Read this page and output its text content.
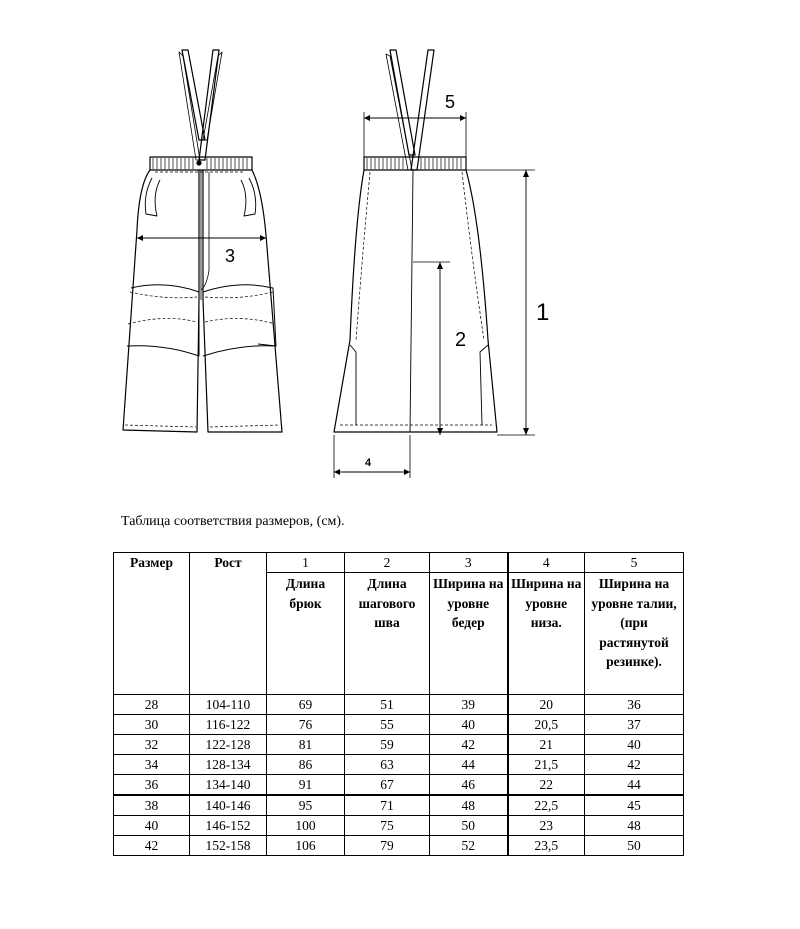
3
5
1
2
4
Таблица соответствия размеров, (см).
Размер	Рост	1	2	3	4	5
		Длина брюк	Длина шагового шва	Ширина на уровне бедер	Ширина на уровне низа.	Ширина на уровне талии, (при растянутой резинке).
28	104-110	69	51	39	20	36
30	116-122	76	55	40	20,5	37
32	122-128	81	59	42	21	40
34	128-134	86	63	44	21,5	42
36	134-140	91	67	46	22	44
38	140-146	95	71	48	22,5	45
40	146-152	100	75	50	23	48
42	152-158	106	79	52	23,5	50
